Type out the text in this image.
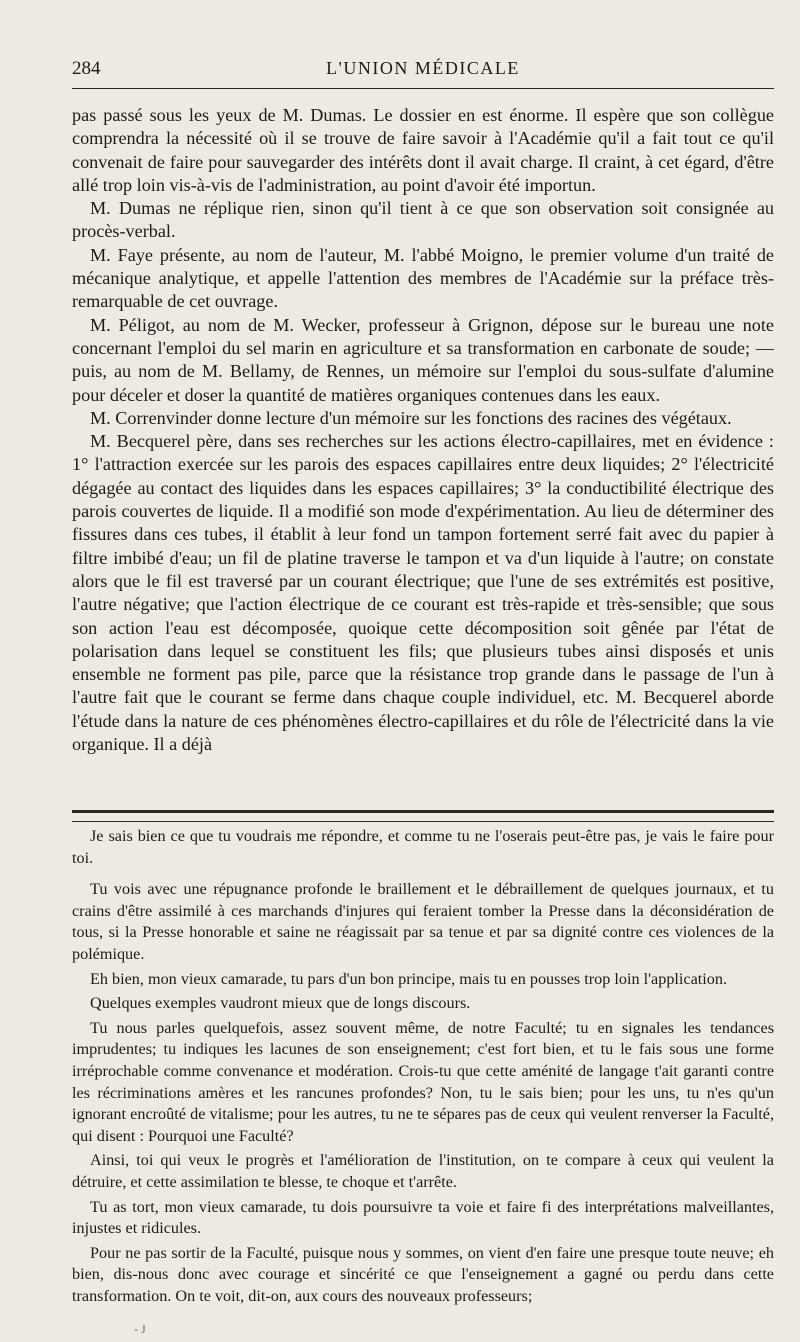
284	L'UNION MÉDICALE

pas passé sous les yeux de M. Dumas. Le dossier en est énorme. Il espère que son collègue comprendra la nécessité où il se trouve de faire savoir à l'Académie qu'il a fait tout ce qu'il convenait de faire pour sauvegarder des intérêts dont il avait charge. Il craint, à cet égard, d'être allé trop loin vis-à-vis de l'administration, au point d'avoir été importun.

M. Dumas ne réplique rien, sinon qu'il tient à ce que son observation soit consignée au procès-verbal.

M. Faye présente, au nom de l'auteur, M. l'abbé Moigno, le premier volume d'un traité de mécanique analytique, et appelle l'attention des membres de l'Académie sur la préface très-remarquable de cet ouvrage.

M. Péligot, au nom de M. Wecker, professeur à Grignon, dépose sur le bureau une note concernant l'emploi du sel marin en agriculture et sa transformation en carbonate de soude; — puis, au nom de M. Bellamy, de Rennes, un mémoire sur l'emploi du sous-sulfate d'alumine pour déceler et doser la quantité de matières organiques contenues dans les eaux.

M. Correnvinder donne lecture d'un mémoire sur les fonctions des racines des végétaux.

M. Becquerel père, dans ses recherches sur les actions électro-capillaires, met en évidence : 1° l'attraction exercée sur les parois des espaces capillaires entre deux liquides; 2° l'électricité dégagée au contact des liquides dans les espaces capillaires; 3° la conductibilité électrique des parois couvertes de liquide. Il a modifié son mode d'expérimentation. Au lieu de déterminer des fissures dans ces tubes, il établit à leur fond un tampon fortement serré fait avec du papier à filtre imbibé d'eau; un fil de platine traverse le tampon et va d'un liquide à l'autre; on constate alors que le fil est traversé par un courant électrique; que l'une de ses extrémités est positive, l'autre négative; que l'action électrique de ce courant est très-rapide et très-sensible; que sous son action l'eau est décomposée, quoique cette décomposition soit gênée par l'état de polarisation dans lequel se constituent les fils; que plusieurs tubes ainsi disposés et unis ensemble ne forment pas pile, parce que la résistance trop grande dans le passage de l'un à l'autre fait que le courant se ferme dans chaque couple individuel, etc. M. Becquerel aborde l'étude dans la nature de ces phénomènes électro-capillaires et du rôle de l'électricité dans la vie organique. Il a déjà

Je sais bien ce que tu voudrais me répondre, et comme tu ne l'oserais peut-être pas, je vais le faire pour toi.

Tu vois avec une répugnance profonde le braillement et le débraillement de quelques journaux, et tu crains d'être assimilé à ces marchands d'injures qui feraient tomber la Presse dans la déconsidération de tous, si la Presse honorable et saine ne réagissait par sa tenue et par sa dignité contre ces violences de la polémique.

Eh bien, mon vieux camarade, tu pars d'un bon principe, mais tu en pousses trop loin l'application.

Quelques exemples vaudront mieux que de longs discours.

Tu nous parles quelquefois, assez souvent même, de notre Faculté; tu en signales les tendances imprudentes; tu indiques les lacunes de son enseignement; c'est fort bien, et tu le fais sous une forme irréprochable comme convenance et modération. Crois-tu que cette aménité de langage t'ait garanti contre les récriminations amères et les rancunes profondes? Non, tu le sais bien; pour les uns, tu n'es qu'un ignorant encroûté de vitalisme; pour les autres, tu ne te sépares pas de ceux qui veulent renverser la Faculté, qui disent : Pourquoi une Faculté?

Ainsi, toi qui veux le progrès et l'amélioration de l'institution, on te compare à ceux qui veulent la détruire, et cette assimilation te blesse, te choque et t'arrête.

Tu as tort, mon vieux camarade, tu dois poursuivre ta voie et faire fi des interprétations malveillantes, injustes et ridicules.

Pour ne pas sortir de la Faculté, puisque nous y sommes, on vient d'en faire une presque toute neuve; eh bien, dis-nous donc avec courage et sincérité ce que l'enseignement a gagné ou perdu dans cette transformation. On te voit, dit-on, aux cours des nouveaux professeurs;

- J
